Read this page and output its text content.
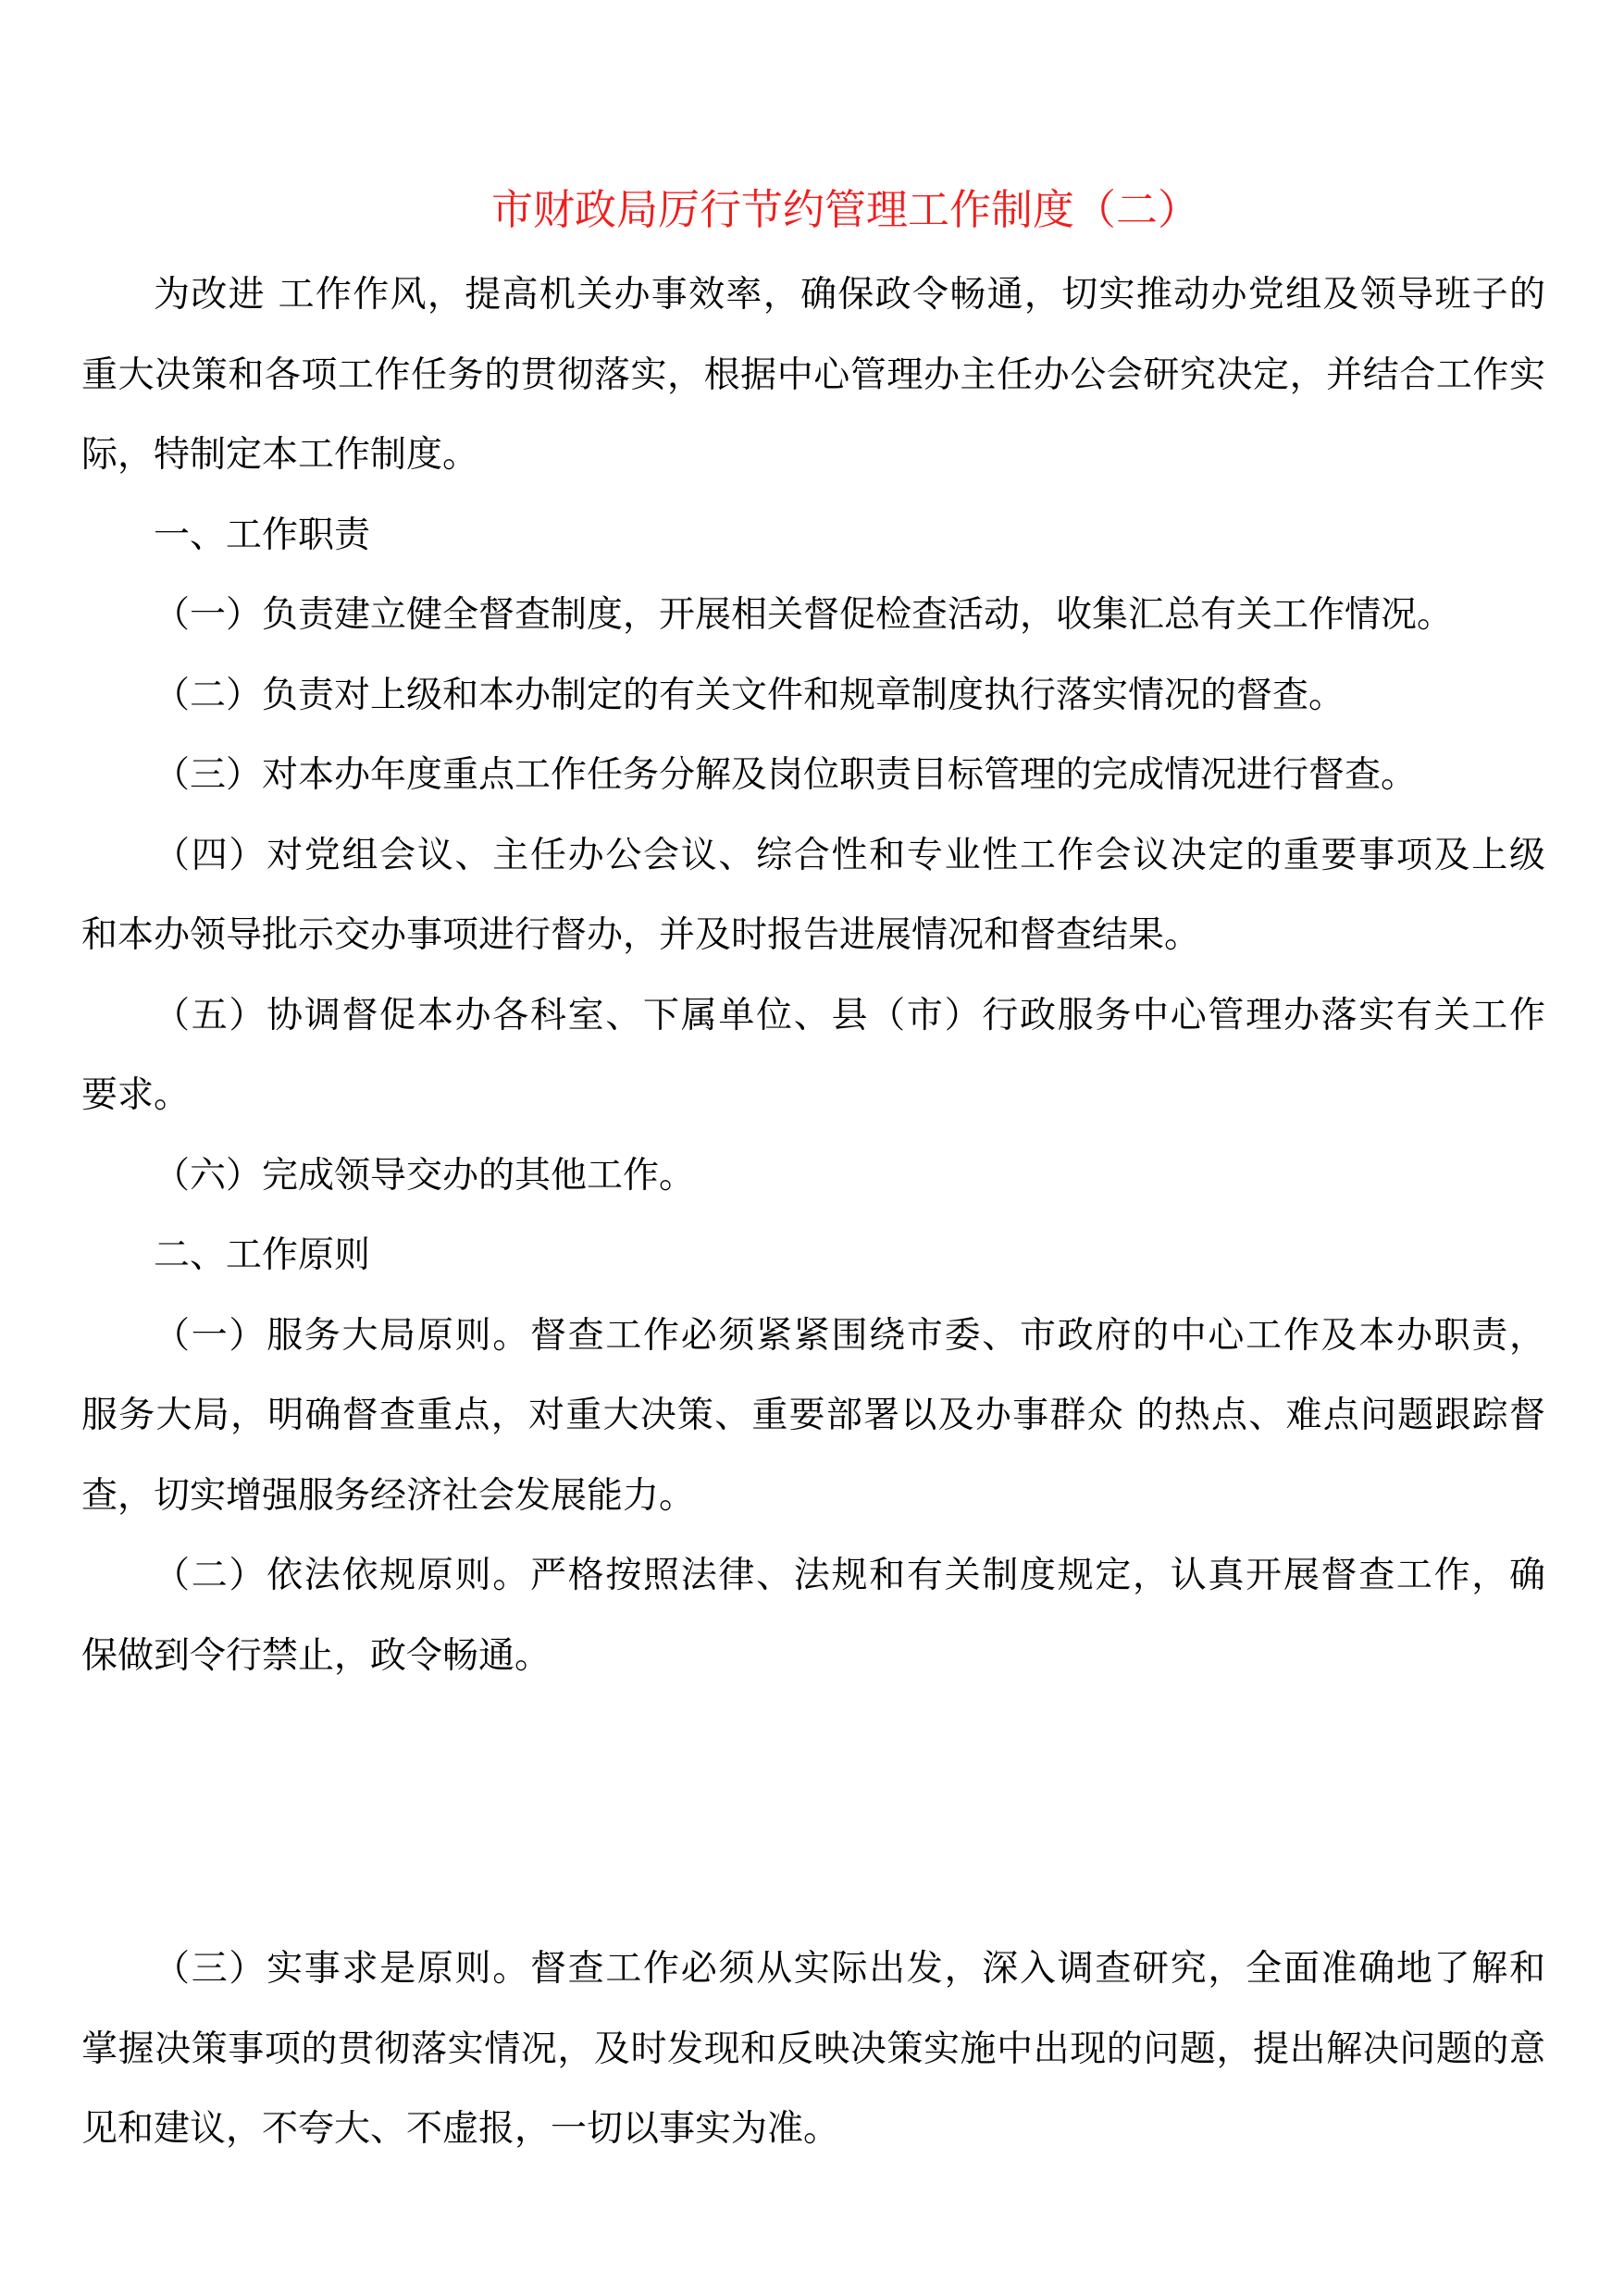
市财政局厉行节约管理工作制度（二）
为改进 工作作风，提高机关办事效率，确保政令畅通，切实推动办党组及领导班子的
重大决策和各项工作任务的贯彻落实，根据中心管理办主任办公会研究决定，并结合工作实
际，特制定本工作制度。
一、工作职责
（一）负责建立健全督查制度，开展相关督促检查活动，收集汇总有关工作情况。
（二）负责对上级和本办制定的有关文件和规章制度执行落实情况的督查。
（三）对本办年度重点工作任务分解及岗位职责目标管理的完成情况进行督查。
（四）对党组会议、主任办公会议、综合性和专业性工作会议决定的重要事项及上级
和本办领导批示交办事项进行督办，并及时报告进展情况和督查结果。
（五）协调督促本办各科室、下属单位、县（市）行政服务中心管理办落实有关工作
要求。
（六）完成领导交办的其他工作。
二、工作原则
（一）服务大局原则。督查工作必须紧紧围绕市委、市政府的中心工作及本办职责，
服务大局，明确督查重点，对重大决策、重要部署以及办事群众 的热点、难点问题跟踪督
查，切实增强服务经济社会发展能力。
（二）依法依规原则。严格按照法律、法规和有关制度规定，认真开展督查工作，确
保做到令行禁止，政令畅通。
（三）实事求是原则。督查工作必须从实际出发，深入调查研究，全面准确地了解和
掌握决策事项的贯彻落实情况，及时发现和反映决策实施中出现的问题，提出解决问题的意
见和建议，不夸大、不虚报，一切以事实为准。
